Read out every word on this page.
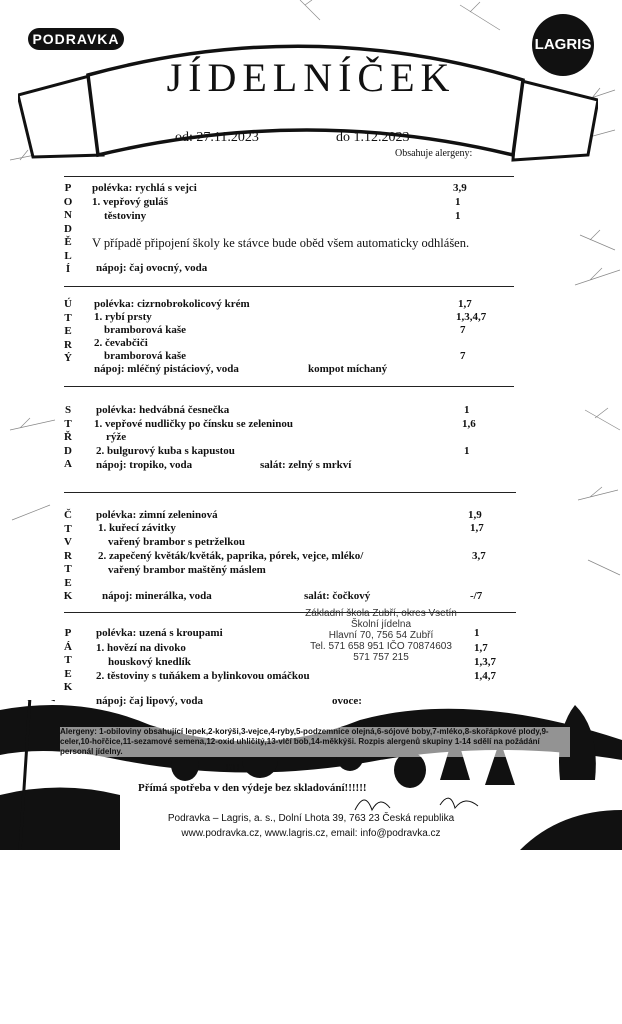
PODRAVKA	LAGRIS
JÍDELNÍČEK
od: 27.11.2023	do 1.12.2023
Obsahuje alergeny:
P
O
N
D
Ě
L
Í
polévka: rychlá s vejci	3,9
1. vepřový guláš	1
těstoviny	1
V případě připojení školy ke stávce bude oběd všem automaticky odhlášen.
nápoj: čaj ovocný, voda
Ú
T
E
R
Ý
polévka: cizrnobrokolicový krém	1,7
1. rybí prsty	1,3,4,7
bramborová kaše	7
2. čevabčiči
bramborová kaše	7
nápoj: mléčný pistáciový, voda	kompot míchaný
S
T
Ř
D
A
polévka: hedvábná česnečka	1
1. vepřové nudličky po čínsku se zeleninou	1,6
rýže
2. bulgurový kuba s kapustou	1
nápoj: tropiko, voda	salát: zelný s mrkví
Č
T
V
R
T
E
K
polévka: zimní zeleninová	1,9
1. kuřecí závitky	1,7
vařený brambor s petrželkou
2. zapečený květák/květák, paprika, pórek, vejce, mléko/	3,7
vařený brambor maštěný máslem
nápoj: minerálka, voda	salát: čočkový	-/7
P
Á
T
E
K
polévka: uzená s kroupami	1
1. hovězí na divoko	1,7
houskový knedlík	1,3,7
2. těstoviny s tuňákem a bylinkovou omáčkou	1,4,7
nápoj: čaj lipový, voda	ovoce:
Základní škola Zubří, okres Vsetín
Školní jídelna
Hlavní 70, 756 54 Zubří
Tel. 571 658 951 IČO 70874603
571 757 215
Alergeny: 1-obiloviny obsahující lepek,2-korýši,3-vejce,4-ryby,5-podzemnice olejná,6-sójové boby,7-mléko,8-skořápkové plody,9-celer,10-hořčice,11-sezamové semena,12-oxid uhličitý,13-vlčí bob,14-měkkýši. Rozpis alergenů skupiny 1-14 sdělí na požádání personál jídelny.
!!!!
Přímá spotřeba v den výdeje bez skladování!!!!!!
Podravka – Lagris, a. s., Dolní Lhota 39, 763 23 Česká republika
www.podravka.cz, www.lagris.cz, email: info@podravka.cz
